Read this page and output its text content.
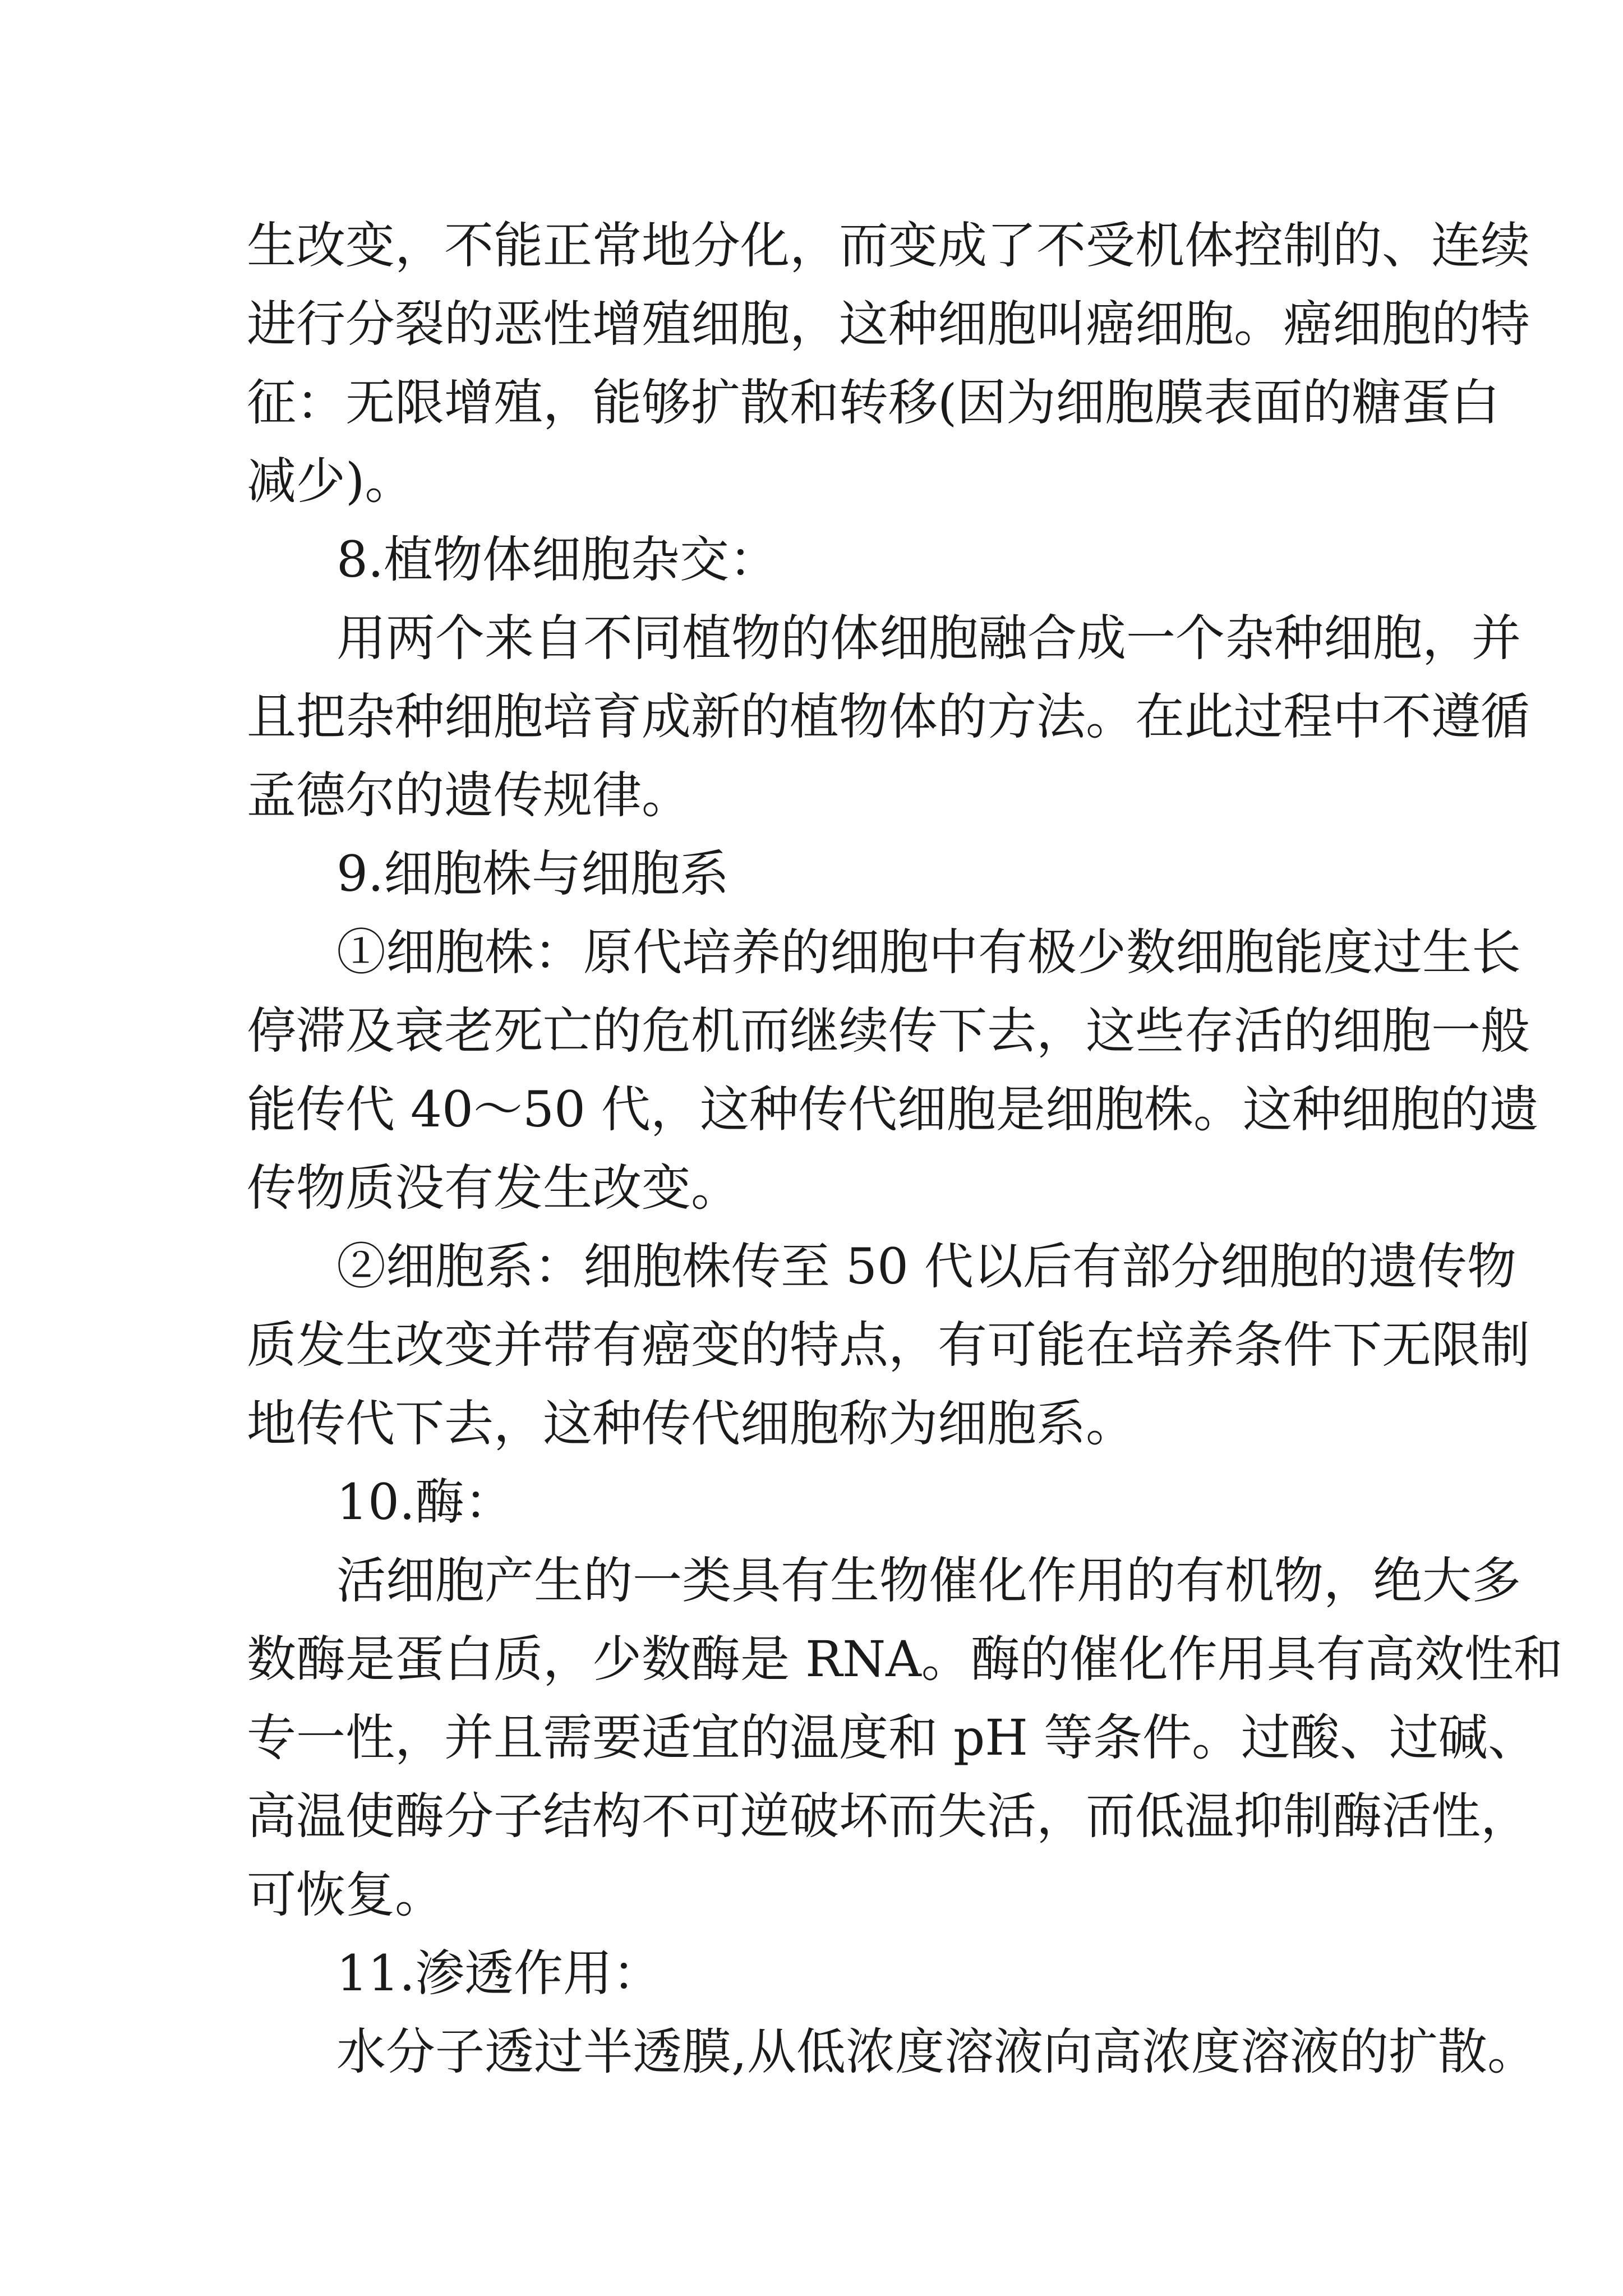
生改变，不能正常地分化，而变成了不受机体控制的、连续
进行分裂的恶性增殖细胞，这种细胞叫癌细胞。癌细胞的特
征：无限增殖，能够扩散和转移(因为细胞膜表面的糖蛋白
减少)。
8.植物体细胞杂交：
用两个来自不同植物的体细胞融合成一个杂种细胞，并
且把杂种细胞培育成新的植物体的方法。在此过程中不遵循
孟德尔的遗传规律。
9.细胞株与细胞系
①细胞株：原代培养的细胞中有极少数细胞能度过生长
停滞及衰老死亡的危机而继续传下去，这些存活的细胞一般
能传代 40～50 代，这种传代细胞是细胞株。这种细胞的遗
传物质没有发生改变。
②细胞系：细胞株传至 50 代以后有部分细胞的遗传物
质发生改变并带有癌变的特点，有可能在培养条件下无限制
地传代下去，这种传代细胞称为细胞系。
10.酶：
活细胞产生的一类具有生物催化作用的有机物，绝大多
数酶是蛋白质，少数酶是 RNA。酶的催化作用具有高效性和
专一性，并且需要适宜的温度和 pH 等条件。过酸、过碱、
高温使酶分子结构不可逆破坏而失活，而低温抑制酶活性，
可恢复。
11.渗透作用：
水分子透过半透膜,从低浓度溶液向高浓度溶液的扩散。
